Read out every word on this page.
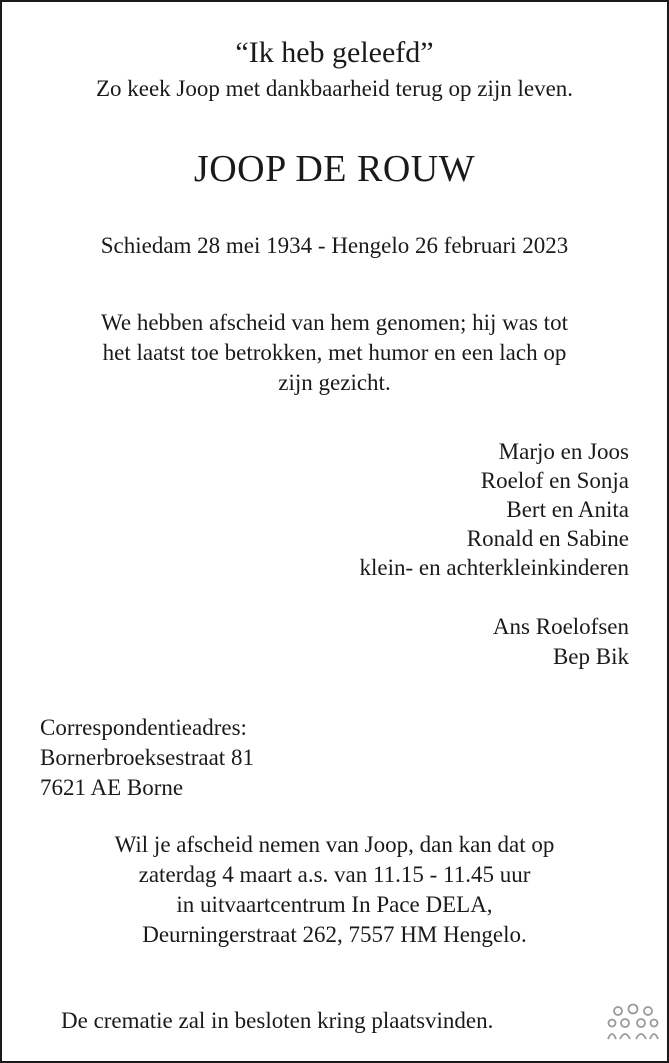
“Ik heb geleefd”
Zo keek Joop met dankbaarheid terug op zijn leven.
JOOP DE ROUW
Schiedam 28 mei 1934 - Hengelo 26 februari 2023
We hebben afscheid van hem genomen; hij was tot
het laatst toe betrokken, met humor en een lach op
zijn gezicht.
Marjo en Joos
Roelof en Sonja
Bert en Anita
Ronald en Sabine
klein- en achterkleinkinderen
Ans Roelofsen
Bep Bik
Correspondentieadres:
Bornerbroeksestraat 81
7621 AE Borne
Wil je afscheid nemen van Joop, dan kan dat op
zaterdag 4 maart a.s. van 11.15 - 11.45 uur
in uitvaartcentrum In Pace DELA,
Deurningerstraat 262, 7557 HM Hengelo.
De crematie zal in besloten kring plaatsvinden.
